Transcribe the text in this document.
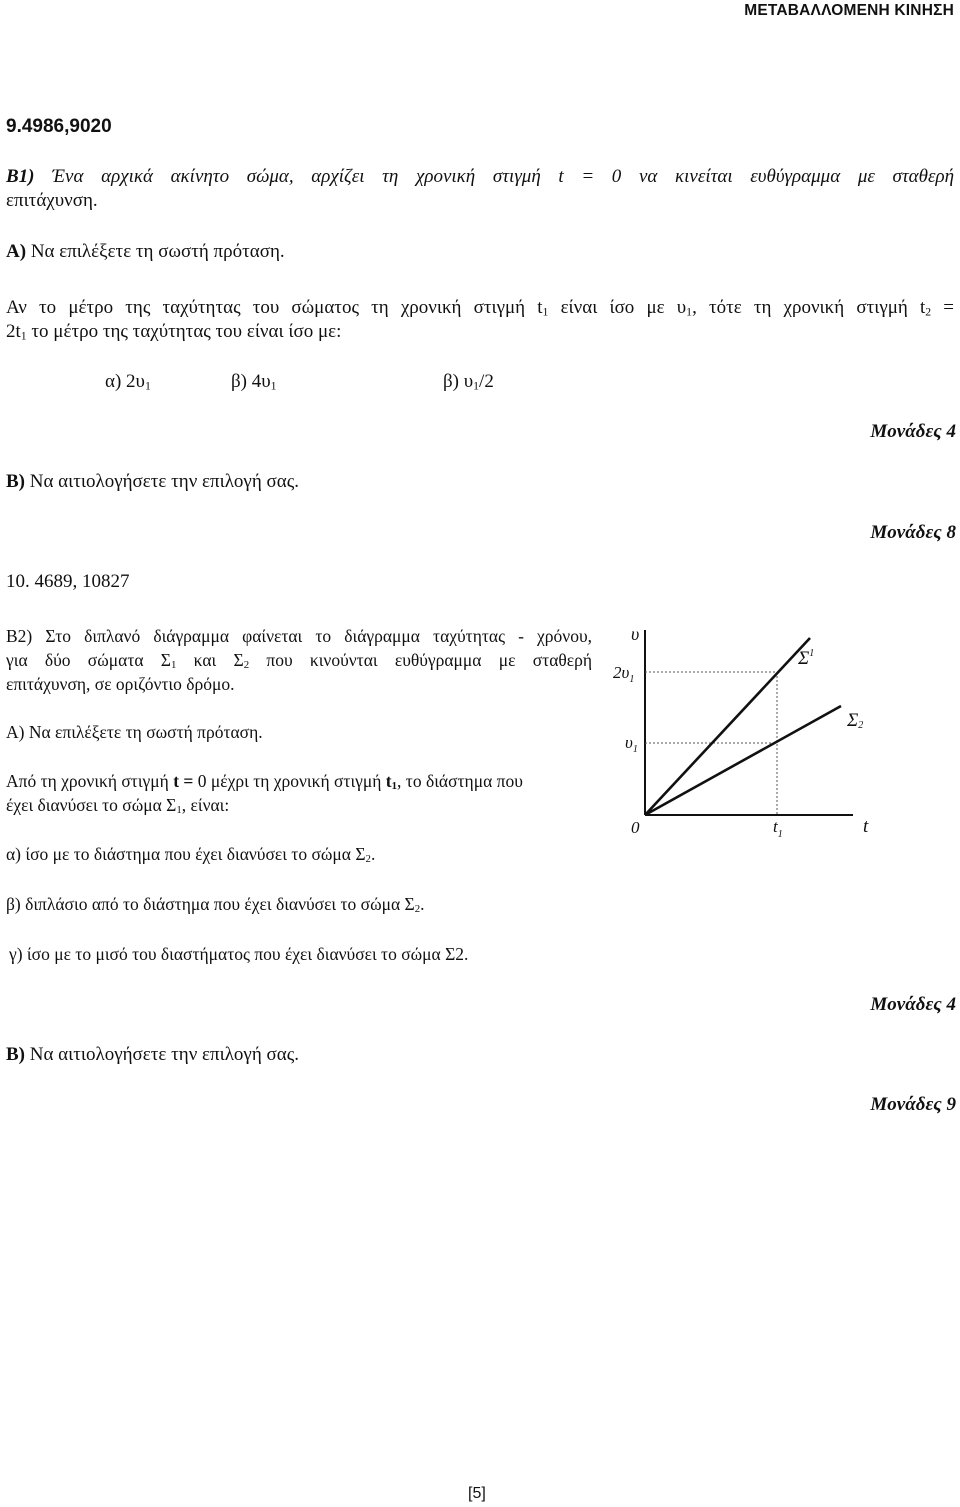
ΜΕΤΑΒΑΛΛΟΜΕΝΗ ΚΙΝΗΣΗ
9.4986,9020
Β1) Ένα αρχικά ακίνητο σώμα, αρχίζει τη χρονική στιγμή t = 0 να κινείται ευθύγραμμα με σταθερή
επιτάχυνση.
Α) Να επιλέξετε τη σωστή πρόταση.
Αν το μέτρο της ταχύτητας του σώματος τη χρονική στιγμή $t_1$ είναι ίσο με $\upsilon_1$, τότε τη χρονική στιγμή $t_2$ =
$2t_1$ το μέτρο της ταχύτητας του είναι ίσο με:
α) $2\upsilon_1$	β) $4\upsilon_1$	β) $\upsilon_1/2$
Μονάδες 4
Β) Να αιτιολογήσετε την επιλογή σας.
Μονάδες 8
10. 4689, 10827
Β2) Στο διπλανό διάγραμμα φαίνεται το διάγραμμα ταχύτητας - χρόνου,
για δύο σώματα $\Sigma_1$ και $\Sigma_2$ που κινούνται ευθύγραμμα με σταθερή
επιτάχυνση, σε οριζόντιο δρόμο.
Α) Να επιλέξετε τη σωστή πρόταση.
Από τη χρονική στιγμή t = 0 μέχρι τη χρονική στιγμή $t_1$, το διάστημα που
έχει διανύσει το σώμα $\Sigma_1$, είναι:
α) ίσο με το διάστημα που έχει διανύσει το σώμα $\Sigma_2$.
β) διπλάσιο από το διάστημα που έχει διανύσει το σώμα $\Sigma_2$.
γ) ίσο με το μισό του διαστήματος που έχει διανύσει το σώμα Σ2.
Μονάδες 4
Β) Να αιτιολογήσετε την επιλογή σας.
Μονάδες 9
υ
$2\upsilon_1$
$\upsilon_1$
0	$t_1$	t
$\Sigma^1$
Σ2
[5]
